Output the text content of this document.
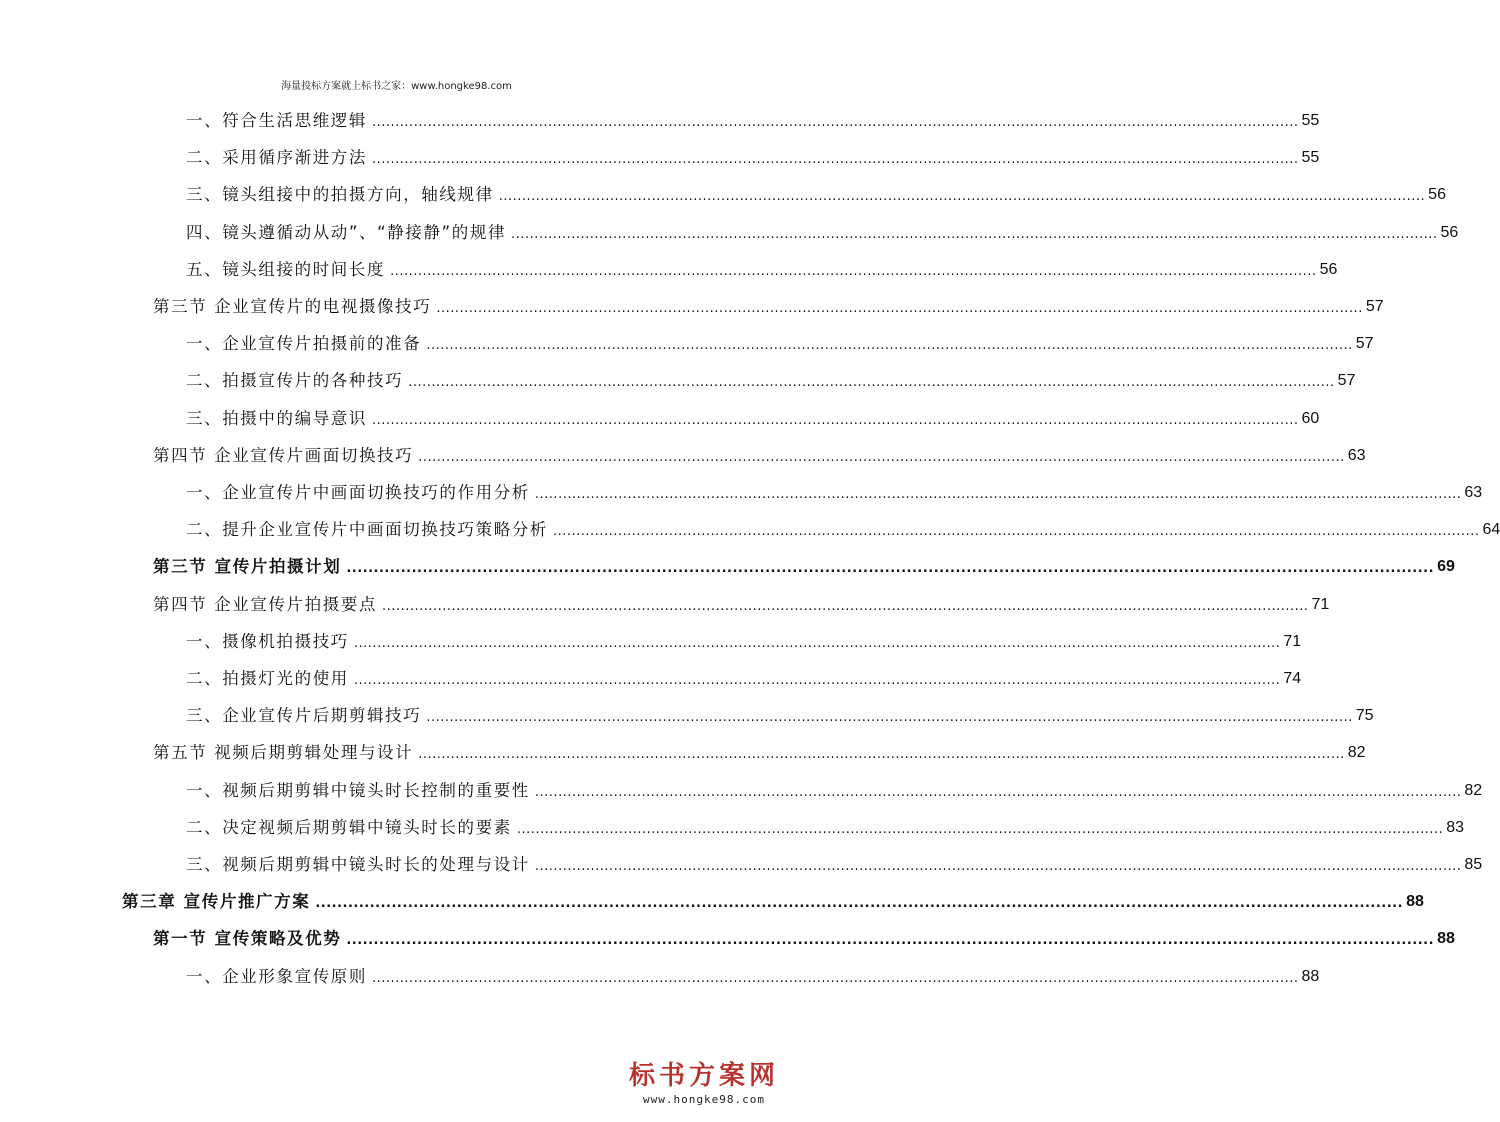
海量投标方案就上标书之家：www.hongke98.com
一、符合生活思维逻辑 ........................................................................................................................................................................................................ 55
二、采用循序渐进方法 ........................................................................................................................................................................................................ 55
三、镜头组接中的拍摄方向，轴线规律 ........................................................................................................................................................................................................ 56
四、镜头遵循动从动”、“静接静”的规律 ........................................................................................................................................................................................................ 56
五、镜头组接的时间长度 ........................................................................................................................................................................................................ 56
第三节 企业宣传片的电视摄像技巧 ........................................................................................................................................................................................................ 57
一、企业宣传片拍摄前的准备 ........................................................................................................................................................................................................ 57
二、拍摄宣传片的各种技巧 ........................................................................................................................................................................................................ 57
三、拍摄中的编导意识 ........................................................................................................................................................................................................ 60
第四节 企业宣传片画面切换技巧 ........................................................................................................................................................................................................ 63
一、企业宣传片中画面切换技巧的作用分析 ........................................................................................................................................................................................................ 63
二、提升企业宣传片中画面切换技巧策略分析 ........................................................................................................................................................................................................ 64
第三节 宣传片拍摄计划 ........................................................................................................................................................................................................ 69
第四节 企业宣传片拍摄要点 ........................................................................................................................................................................................................ 71
一、摄像机拍摄技巧 ........................................................................................................................................................................................................ 71
二、拍摄灯光的使用 ........................................................................................................................................................................................................ 74
三、企业宣传片后期剪辑技巧 ........................................................................................................................................................................................................ 75
第五节 视频后期剪辑处理与设计 ........................................................................................................................................................................................................ 82
一、视频后期剪辑中镜头时长控制的重要性 ........................................................................................................................................................................................................ 82
二、决定视频后期剪辑中镜头时长的要素 ........................................................................................................................................................................................................ 83
三、视频后期剪辑中镜头时长的处理与设计 ........................................................................................................................................................................................................ 85
第三章 宣传片推广方案 ........................................................................................................................................................................................................ 88
第一节 宣传策略及优势 ........................................................................................................................................................................................................ 88
一、企业形象宣传原则 ........................................................................................................................................................................................................ 88
标书方案网
www.hongke98.com
